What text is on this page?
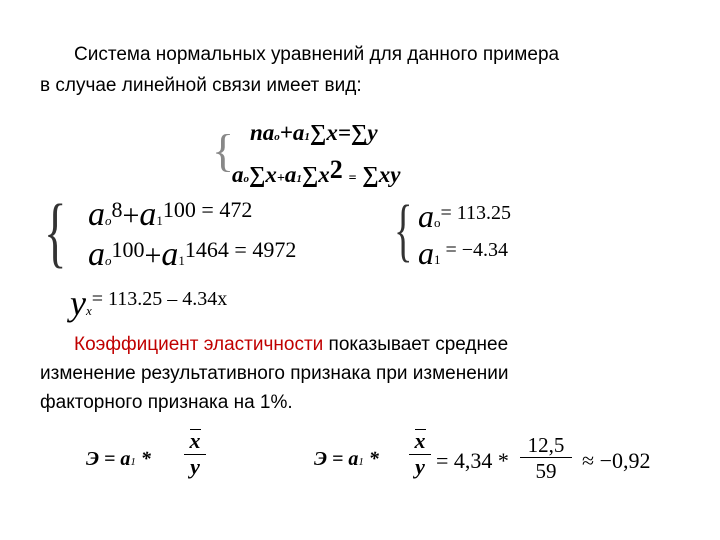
Система нормальных уравнений для данного примера
в случае линейной связи имеет вид:
{ nao+a1∑x=∑y
ao∑x+a1∑x2 = ∑xy
{ $ao^8+a1^{100}$ $^{= 472}$
$ao^{100}+a1^{1464}$ $^{= 4972}$ { $ao^{= 113.25}$
a1 $^{= -4.34}$
$yx^{= 113.25 - 4.34x}$
Коэффициент эластичности показывает среднее
изменение результативного признака при изменении
факторного признака на 1%.
Э = a1 *
x
y	Э = a1 *
x
$y = 4,34 * \frac{12,5}{59} \approx -0,92$
